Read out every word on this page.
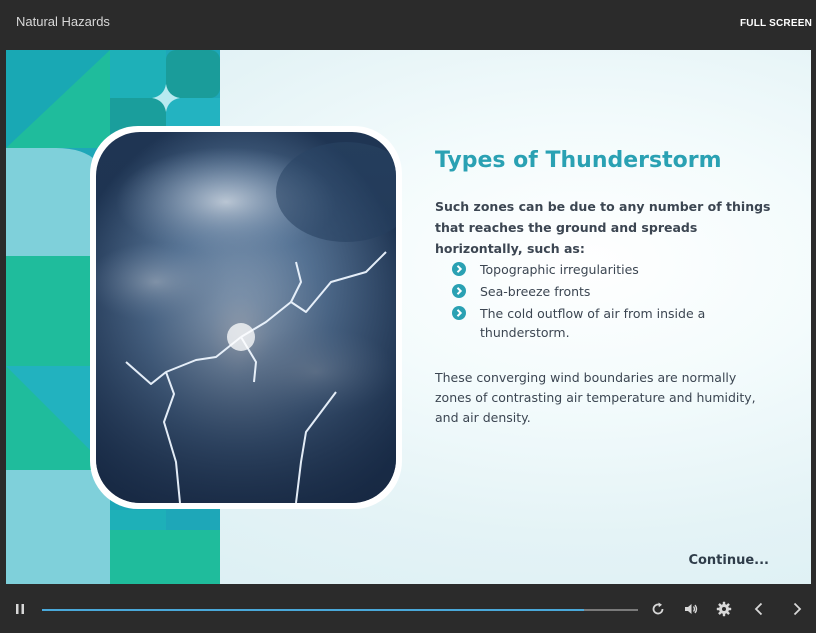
Natural Hazards	FULL SCREEN
Types of Thunderstorm
Such zones can be due to any number of things that reaches the ground and spreads horizontally, such as:
Topographic irregularities
Sea-breeze fronts
The cold outflow of air from inside a thunderstorm.
These converging wind boundaries are normally zones of contrasting air temperature and humidity, and air density.
Continue...
